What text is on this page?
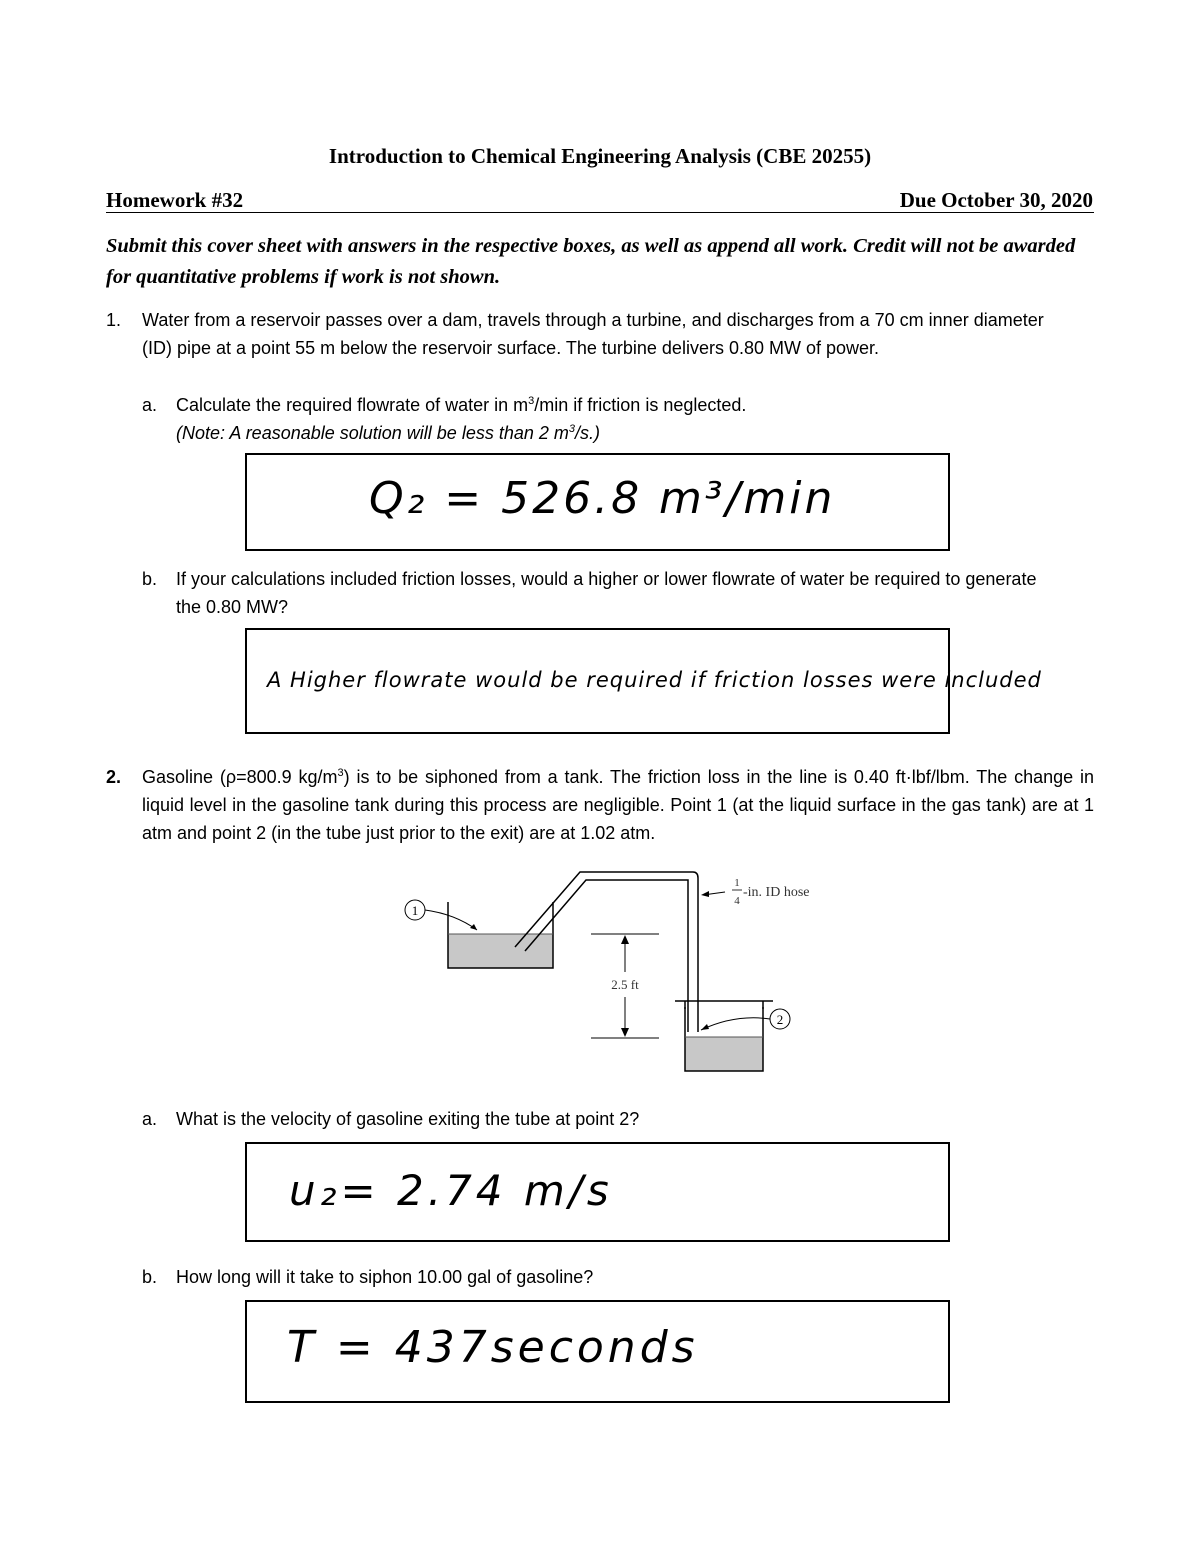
Introduction to Chemical Engineering Analysis (CBE 20255)
Homework #32	Due October 30, 2020
Submit this cover sheet with answers in the respective boxes, as well as append all work. Credit will not be awarded for quantitative problems if work is not shown.
1. Water from a reservoir passes over a dam, travels through a turbine, and discharges from a 70 cm inner diameter (ID) pipe at a point 55 m below the reservoir surface. The turbine delivers 0.80 MW of power.
a. Calculate the required flowrate of water in $m^3/\min$ if friction is neglected.
(Note: A reasonable solution will be less than 2 $m^3/s$.)
Q₂ = 526.8 m³/min
b. If your calculations included friction losses, would a higher or lower flowrate of water be required to generate the 0.80 MW?
A Higher flowrate would be required if friction losses were included
2. Gasoline (ρ=800.9 $kg/m^3$) is to be siphoned from a tank. The friction loss in the line is 0.40 ft·lbf/lbm. The change in liquid level in the gasoline tank during this process are negligible. Point 1 (at the liquid surface in the gas tank) are at 1 atm and point 2 (in the tube just prior to the exit) are at 1.02 atm.
1
2
2.5 ft
1
4
-in. ID hose
a. What is the velocity of gasoline exiting the tube at point 2?
u₂= 2.74 m/s
b. How long will it take to siphon 10.00 gal of gasoline?
T = 437seconds
